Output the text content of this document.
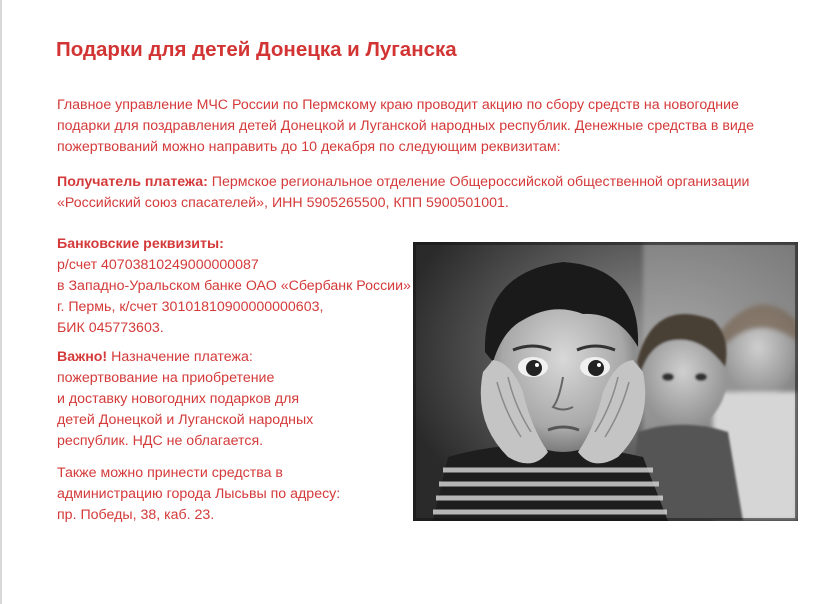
Подарки для детей Донецка и Луганска
Главное управление МЧС России по Пермскому краю проводит акцию по сбору средств на новогодние
подарки для поздравления детей Донецкой и Луганской народных республик. Денежные средства в виде
пожертвований можно направить до 10 декабря по следующим реквизитам:
Получатель платежа: Пермское региональное отделение Общероссийской общественной организации
«Российский союз спасателей», ИНН 5905265500, КПП 5900501001.
Банковские реквизиты:
р/счет 40703810249000000087
в Западно-Уральском банке ОАО «Сбербанк России»
г. Пермь, к/счет 30101810900000000603,
БИК 045773603.
Важно! Назначение платежа:
пожертвование на приобретение
и доставку новогодних подарков для
детей Донецкой и Луганской народных
республик. НДС не облагается.
Также можно принести средства в
администрацию города Лысьвы по адресу:
пр. Победы, 38, каб. 23.
